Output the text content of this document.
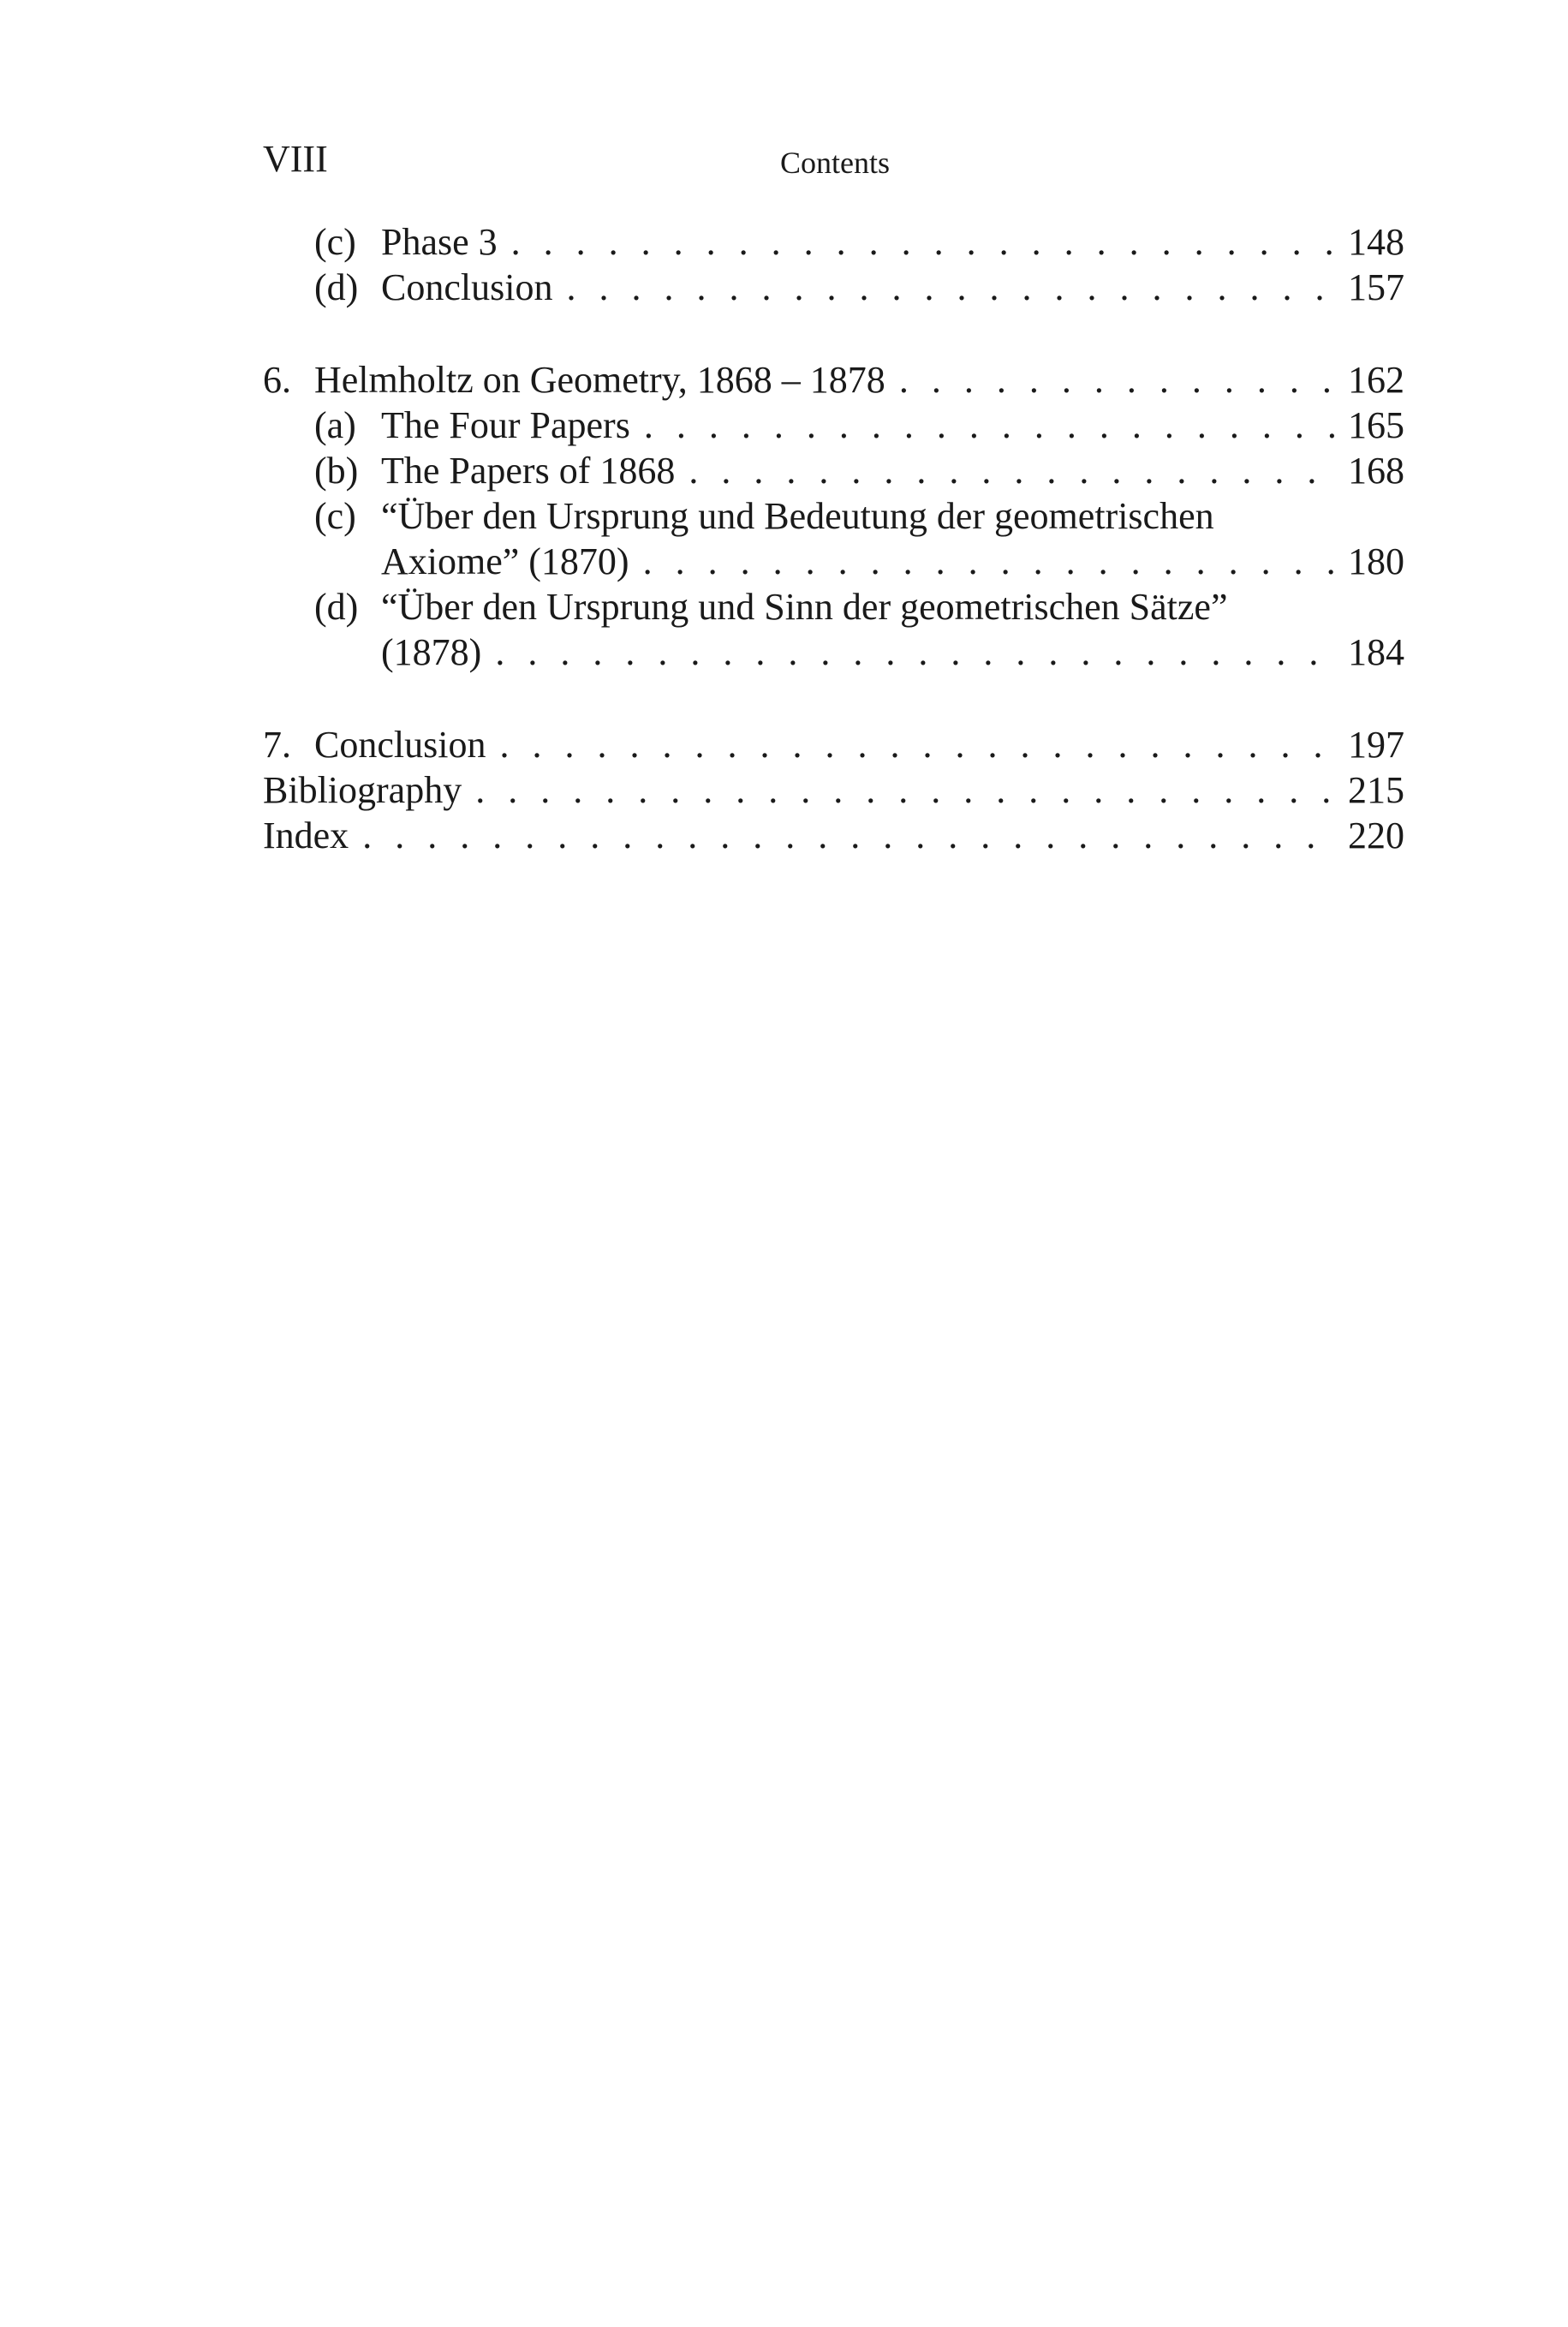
VIII	Contents
(c) Phase 3 . . .	148
(d) Conclusion . . .	157
6. Helmholtz on Geometry, 1868 – 1878 . . .	162
(a) The Four Papers . . .	165
(b) The Papers of 1868 . . .	168
(c) “Über den Ursprung und Bedeutung der geometrischen
Axiome” (1870) . . .	180
(d) “Über den Ursprung und Sinn der geometrischen Sätze”
(1878) . . .	184
7. Conclusion . . .	197
Bibliography . . .	215
Index . . .	220
